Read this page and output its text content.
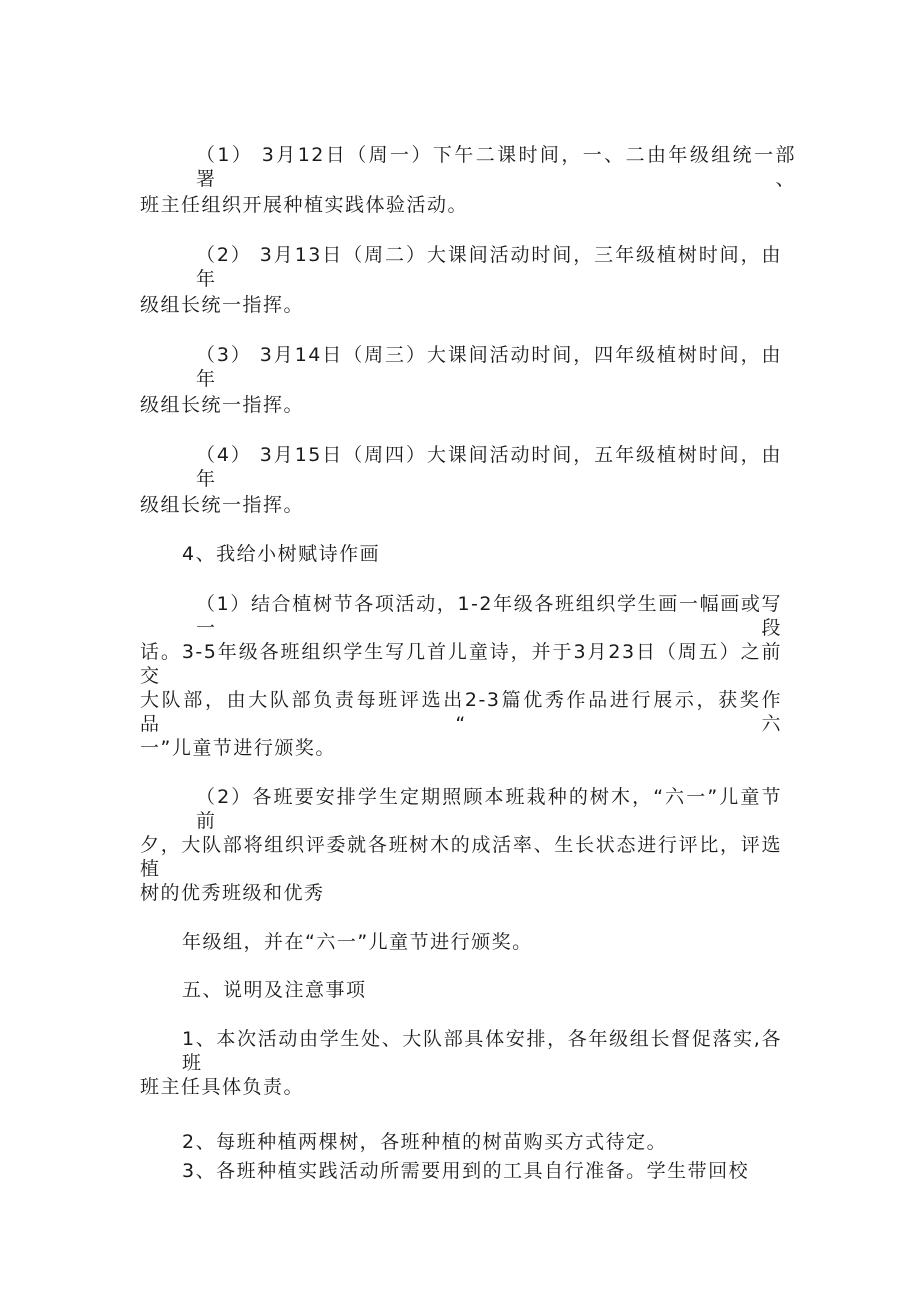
（1） 3月12日（周一）下午二课时间，一、二由年级组统一部署、
班主任组织开展种植实践体验活动。
（2） 3月13日（周二）大课间活动时间，三年级植树时间，由年
级组长统一指挥。
（3） 3月14日（周三）大课间活动时间，四年级植树时间，由年
级组长统一指挥。
（4） 3月15日（周四）大课间活动时间，五年级植树时间，由年
级组长统一指挥。
4、我给小树赋诗作画
（1）结合植树节各项活动，1-2年级各班组织学生画一幅画或写一段
话。3-5年级各班组织学生写几首儿童诗，并于3月23日（周五）之前交
大队部，由大队部负责每班评选出2-3篇优秀作品进行展示，获奖作品“六
一”儿童节进行颁奖。
（2）各班要安排学生定期照顾本班栽种的树木，“六一”儿童节前
夕，大队部将组织评委就各班树木的成活率、生长状态进行评比，评选植
树的优秀班级和优秀
年级组，并在“六一”儿童节进行颁奖。
五、说明及注意事项
1、本次活动由学生处、大队部具体安排，各年级组长督促落实,各班
班主任具体负责。
2、每班种植两棵树，各班种植的树苗购买方式待定。
3、各班种植实践活动所需要用到的工具自行准备。学生带回校
